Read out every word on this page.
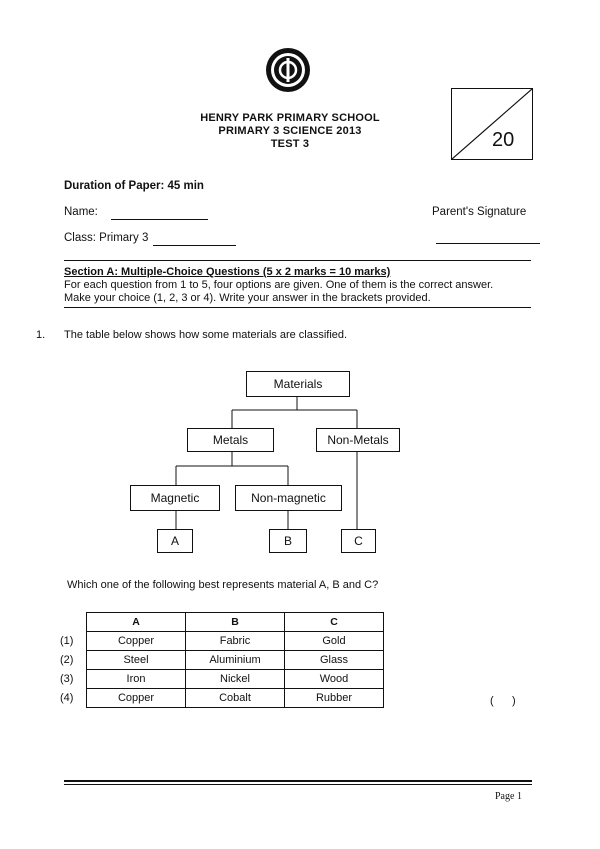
HENRY PARK PRIMARY SCHOOL
PRIMARY 3 SCIENCE 2013
TEST 3	20
Duration of Paper: 45 min
Name:
Class: Primary 3
Parent's Signature
Section A: Multiple-Choice Questions (5 x 2 marks = 10 marks)
For each question from 1 to 5, four options are given. One of them is the correct answer.
Make your choice (1, 2, 3 or 4). Write your answer in the brackets provided.
1. The table below shows how some materials are classified.
Materials
Metals	Non-Metals
Magnetic	Non-magnetic
A	B	C
Which one of the following best represents material A, B and C?
	A	B	C
(1)	Copper	Fabric	Gold
(2)	Steel	Aluminium	Glass
(3)	Iron	Nickel	Wood
(4)	Copper	Cobalt	Rubber	(      )
Page 1
